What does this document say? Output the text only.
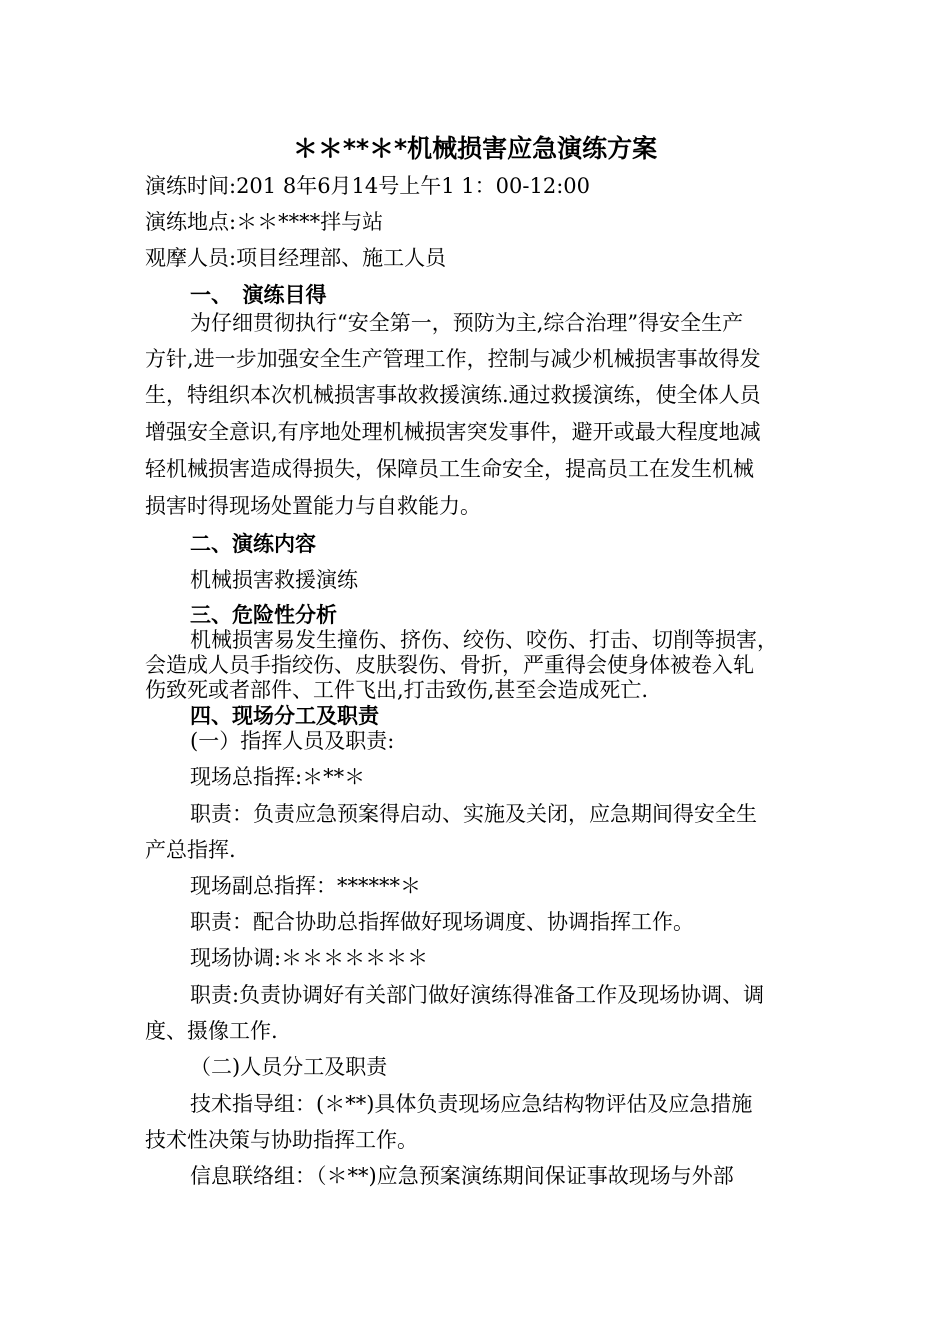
＊＊**＊*机械损害应急演练方案
演练时间:201 8年6月14号上午1 1：00-12:00
演练地点:＊＊****拌与站
观摩人员:项目经理部、施工人员
一、　演练目得
为仔细贯彻执行“安全第一，预防为主,综合治理”得安全生产
方针,进一步加强安全生产管理工作，控制与减少机械损害事故得发
生，特组织本次机械损害事故救援演练.通过救援演练，使全体人员
增强安全意识,有序地处理机械损害突发事件，避开或最大程度地减
轻机械损害造成得损失，保障员工生命安全，提高员工在发生机械
损害时得现场处置能力与自救能力。
二、演练内容
机械损害救援演练
三、危险性分析
机械损害易发生撞伤、挤伤、绞伤、咬伤、打击、切削等损害，
会造成人员手指绞伤、皮肤裂伤、骨折，严重得会使身体被卷入轧
伤致死或者部件、工件飞出,打击致伤,甚至会造成死亡.
四、现场分工及职责
(一）指挥人员及职责:
现场总指挥:＊**＊
职责：负责应急预案得启动、实施及关闭，应急期间得安全生
产总指挥.
现场副总指挥：******＊
职责：配合协助总指挥做好现场调度、协调指挥工作。
现场协调:＊＊＊＊＊＊＊
职责:负责协调好有关部门做好演练得准备工作及现场协调、调
度、摄像工作.
（二)人员分工及职责
技术指导组：(＊**)具体负责现场应急结构物评估及应急措施
技术性决策与协助指挥工作。
信息联络组：（＊**)应急预案演练期间保证事故现场与外部
